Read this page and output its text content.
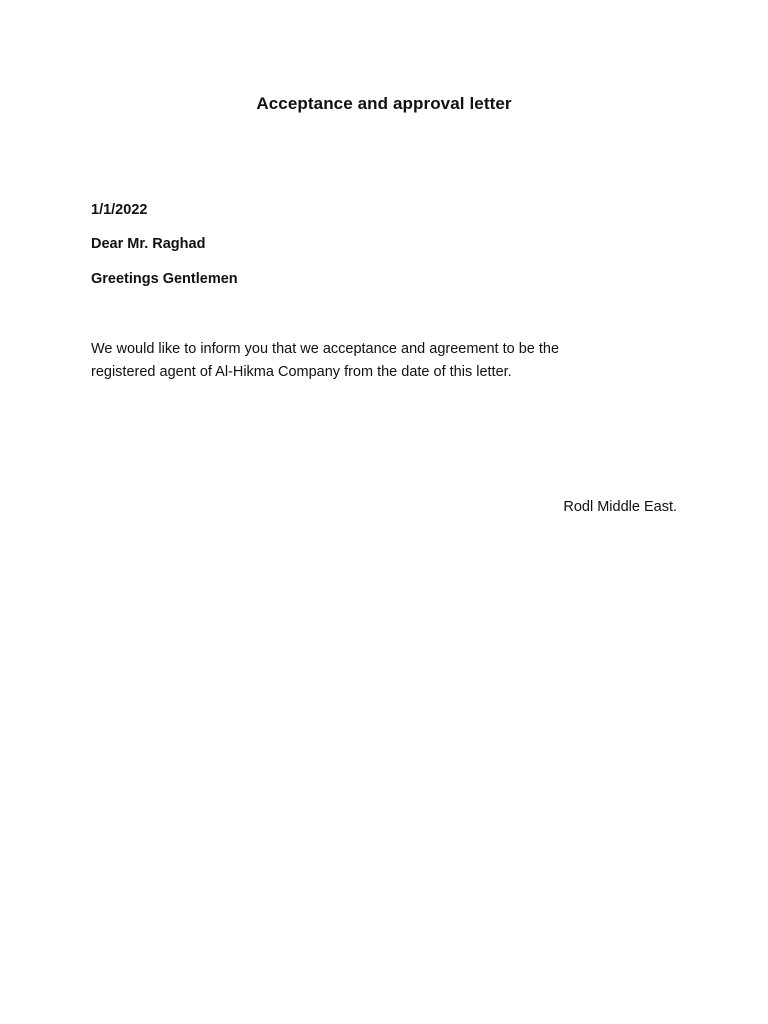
Acceptance and approval letter
1/1/2022
Dear Mr. Raghad
Greetings Gentlemen
We would like to inform you that we acceptance and agreement to be the
registered agent of Al-Hikma Company from the date of this letter.
Rodl Middle East.
